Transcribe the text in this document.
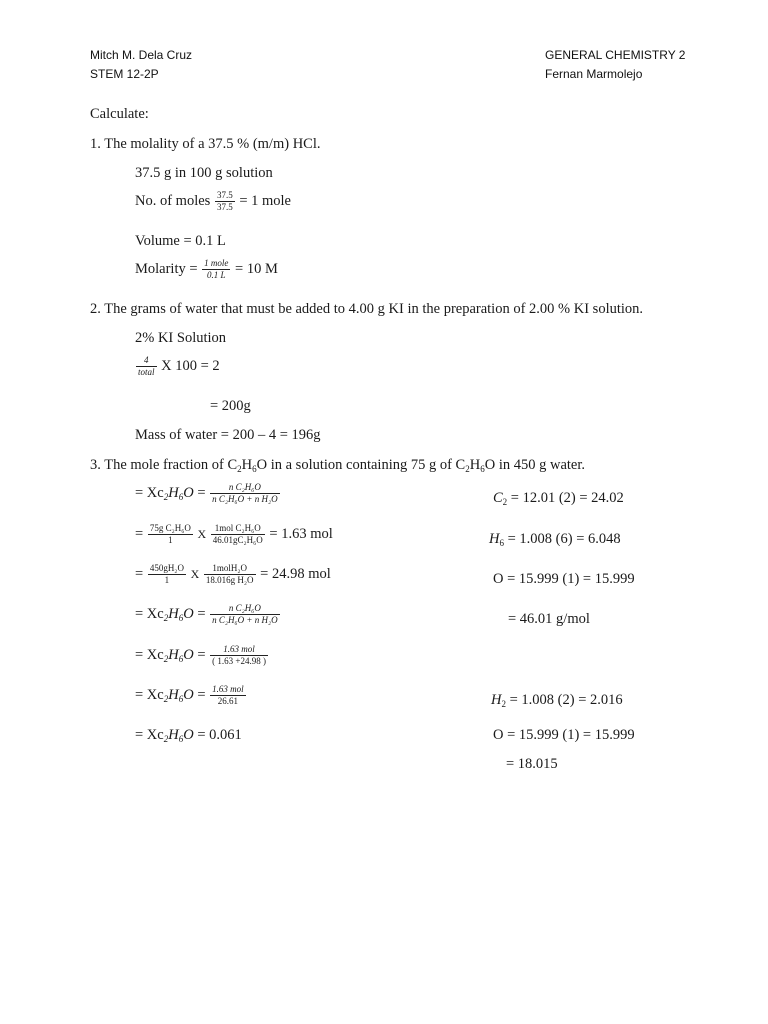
Mitch M. Dela Cruz
STEM 12-2P
GENERAL CHEMISTRY 2
Fernan Marmolejo
Calculate:
1. The molality of a 37.5 % (m/m) HCl.
37.5 g in 100 g solution
No. of moles $\frac{37.5}{37.5} = 1$ mole
Volume = 0.1 L
Molarity = $\frac{\text{1 mole}}{0.1 L} = 10$ M
2. The grams of water that must be added to 4.00 g KI in the preparation of 2.00 % KI solution.
2% KI Solution
$\frac{4}{\text{total}}$ X 100 = 2
= 200g
Mass of water = 200 – 4 = 196g
3. The mole fraction of $C_2H_6O$ in a solution containing 75 g of $C_2H_6O$ in 450 g water.
= $Xc_2H_6O = \frac{\text{n C₂H₆O}}{\text{n C₂H₆O + n H₂O}}$
= $\frac{\text{75g C₂H₆O}}{1}$ X $\frac{\text{1mol C₂H₆O}}{\text{46.01gC₂H₆O}} = 1.63$ mol
= $\frac{\text{450gH₂O}}{1}$ X $\frac{\text{1molH₂O}}{\text{18.016g H₂O}} = 24.98$ mol
= $Xc_2H_6O = \frac{\text{n C₂H₆O}}{\text{n C₂H₆O + n H₂O}}$
= $Xc_2H_6O = \frac{\text{1.63 mol}}{( 1.63 +24.98 )}$
= $Xc_2H_6O = \frac{\text{1.63 mol}}{26.61}$
= $Xc_2H_6O = 0.061$
$C_2 = 12.01$ (2) = 24.02
$H_6 = 1.008$ (6) = 6.048
O = 15.999 (1) = 15.999
= 46.01 g/mol
$H_2 = 1.008$ (2) = 2.016
O = 15.999 (1) = 15.999
= 18.015
